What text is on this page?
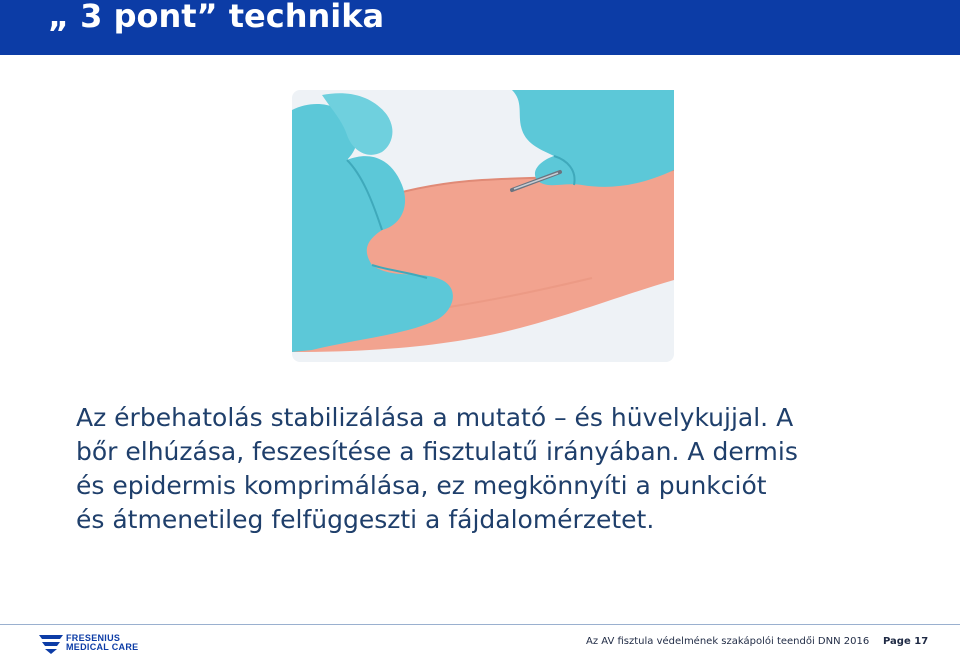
„ 3 pont” technika

Az érbehatolás stabilizálása a mutató – és hüvelykujjal. A
bőr elhúzása, feszesítése a fisztulatű irányában. A dermis
és epidermis komprimálása, ez megkönnyíti a punkciót
és átmenetileg felfüggeszti a fájdalomérzetet.

FRESENIUS
MEDICAL CARE	Az AV fisztula védelmének szakápolói teendői DNN 2016 Page 17
